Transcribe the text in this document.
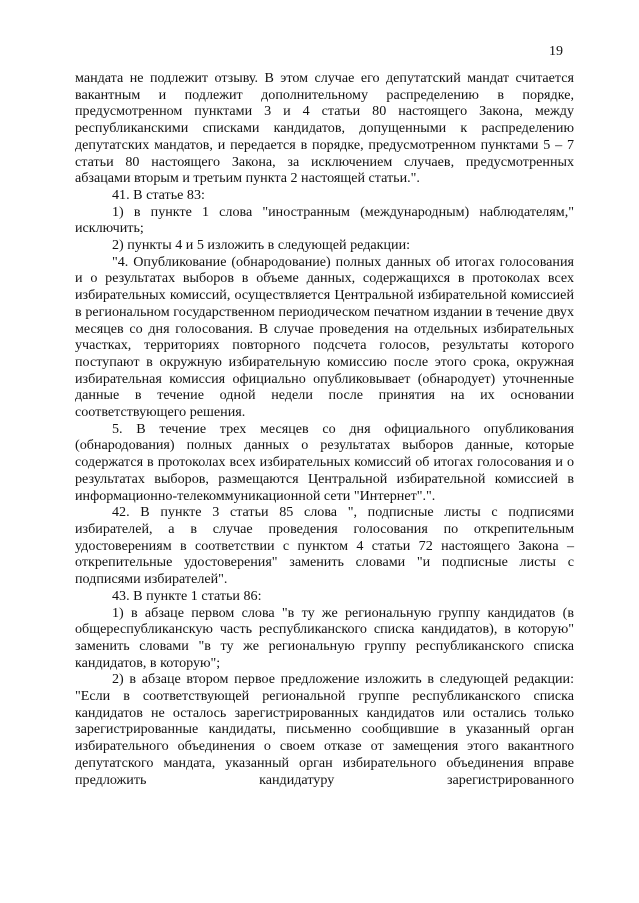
19

мандата не подлежит отзыву. В этом случае его депутатский мандат считается вакантным и подлежит дополнительному распределению в порядке, предусмотренном пунктами 3 и 4 статьи 80 настоящего Закона, между республиканскими списками кандидатов, допущенными к распределению депутатских мандатов, и передается в порядке, предусмотренном пунктами 5 – 7 статьи 80 настоящего Закона, за исключением случаев, предусмотренных абзацами вторым и третьим пункта 2 настоящей статьи.".

41. В статье 83:

1) в пункте 1 слова "иностранным (международным) наблюдателям," исключить;

2) пункты 4 и 5 изложить в следующей редакции:

"4. Опубликование (обнародование) полных данных об итогах голосования и о результатах выборов в объеме данных, содержащихся в протоколах всех избирательных комиссий, осуществляется Центральной избирательной комиссией в региональном государственном периодическом печатном издании в течение двух месяцев со дня голосования. В случае проведения на отдельных избирательных участках, территориях повторного подсчета голосов, результаты которого поступают в окружную избирательную комиссию после этого срока, окружная избирательная комиссия официально опубликовывает (обнародует) уточненные данные в течение одной недели после принятия на их основании соответствующего решения.

5. В течение трех месяцев со дня официального опубликования (обнародования) полных данных о результатах выборов данные, которые содержатся в протоколах всех избирательных комиссий об итогах голосования и о результатах выборов, размещаются Центральной избирательной комиссией в информационно-телекоммуникационной сети "Интернет".".

42. В пункте 3 статьи 85 слова ", подписные листы с подписями избирателей, а в случае проведения голосования по открепительным удостоверениям в соответствии с пунктом 4 статьи 72 настоящего Закона – открепительные удостоверения" заменить словами "и подписные листы с подписями избирателей".

43. В пункте 1 статьи 86:

1) в абзаце первом слова "в ту же региональную группу кандидатов (в общереспубликанскую часть республиканского списка кандидатов), в которую" заменить словами "в ту же региональную группу республиканского списка кандидатов, в которую";

2) в абзаце втором первое предложение изложить в следующей редакции: "Если в соответствующей региональной группе республиканского списка кандидатов не осталось зарегистрированных кандидатов или остались только зарегистрированные кандидаты, письменно сообщившие в указанный орган избирательного объединения о своем отказе от замещения этого вакантного депутатского мандата, указанный орган избирательного объединения вправе предложить кандидатуру зарегистрированного
